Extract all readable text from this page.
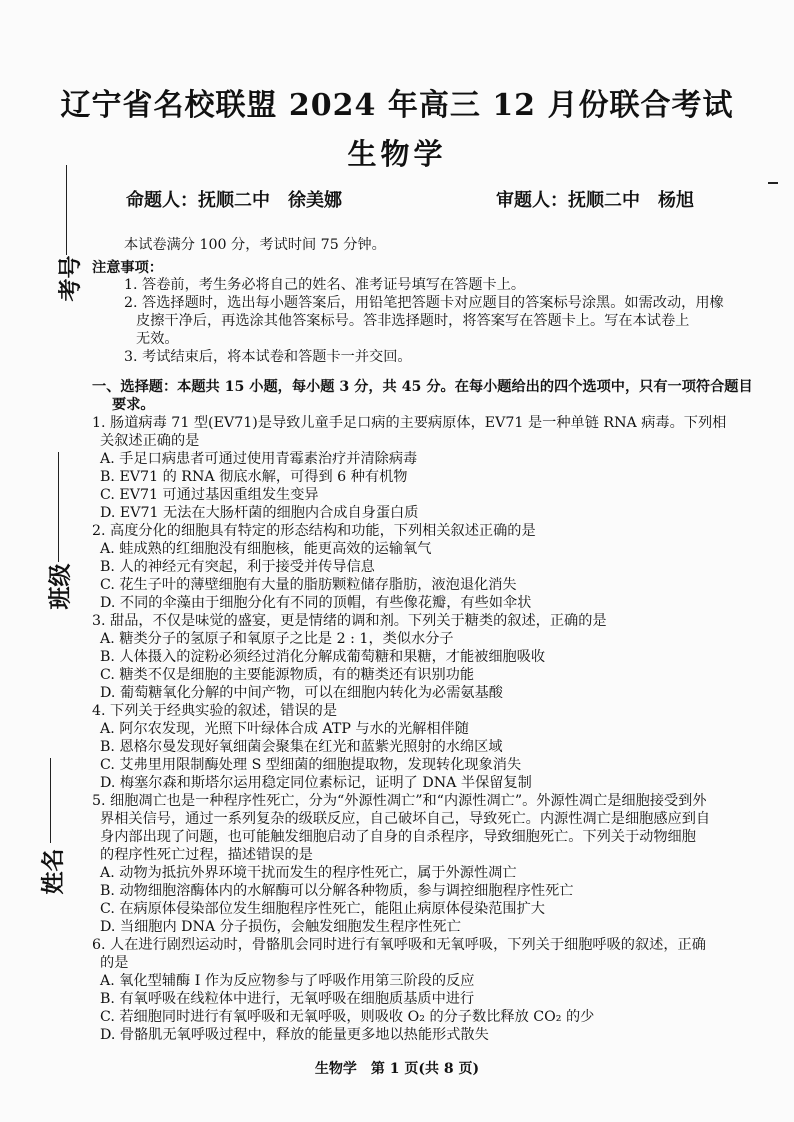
辽宁省名校联盟 2024 年高三 12 月份联合考试
生物学
命题人：抚顺二中　徐美娜	审题人：抚顺二中　杨旭
考号
班级
姓名
本试卷满分 100 分，考试时间 75 分钟。
注意事项：
1. 答卷前，考生务必将自己的姓名、准考证号填写在答题卡上。
2. 答选择题时，选出每小题答案后，用铅笔把答题卡对应题目的答案标号涂黑。如需改动，用橡
皮擦干净后，再选涂其他答案标号。答非选择题时，将答案写在答题卡上。写在本试卷上
无效。
3. 考试结束后，将本试卷和答题卡一并交回。
一、选择题：本题共 15 小题，每小题 3 分，共 45 分。在每小题给出的四个选项中，只有一项符合题目
要求。
1. 肠道病毒 71 型(EV71)是导致儿童手足口病的主要病原体，EV71 是一种单链 RNA 病毒。下列相
关叙述正确的是
A. 手足口病患者可通过使用青霉素治疗并清除病毒
B. EV71 的 RNA 彻底水解，可得到 6 种有机物
C. EV71 可通过基因重组发生变异
D. EV71 无法在大肠杆菌的细胞内合成自身蛋白质
2. 高度分化的细胞具有特定的形态结构和功能，下列相关叙述正确的是
A. 蛙成熟的红细胞没有细胞核，能更高效的运输氧气
B. 人的神经元有突起，利于接受并传导信息
C. 花生子叶的薄壁细胞有大量的脂肪颗粒储存脂肪，液泡退化消失
D. 不同的伞藻由于细胞分化有不同的顶帽，有些像花瓣，有些如伞状
3. 甜品，不仅是味觉的盛宴，更是情绪的调和剂。下列关于糖类的叙述，正确的是
A. 糖类分子的氢原子和氧原子之比是 2 : 1，类似水分子
B. 人体摄入的淀粉必须经过消化分解成葡萄糖和果糖，才能被细胞吸收
C. 糖类不仅是细胞的主要能源物质，有的糖类还有识别功能
D. 葡萄糖氧化分解的中间产物，可以在细胞内转化为必需氨基酸
4. 下列关于经典实验的叙述，错误的是
A. 阿尔农发现，光照下叶绿体合成 ATP 与水的光解相伴随
B. 恩格尔曼发现好氧细菌会聚集在红光和蓝紫光照射的水绵区域
C. 艾弗里用限制酶处理 S 型细菌的细胞提取物，发现转化现象消失
D. 梅塞尔森和斯塔尔运用稳定同位素标记，证明了 DNA 半保留复制
5. 细胞凋亡也是一种程序性死亡，分为“外源性凋亡”和“内源性凋亡”。外源性凋亡是细胞接受到外
界相关信号，通过一系列复杂的级联反应，自己破坏自己，导致死亡。内源性凋亡是细胞感应到自
身内部出现了问题，也可能触发细胞启动了自身的自杀程序，导致细胞死亡。下列关于动物细胞
的程序性死亡过程，描述错误的是
A. 动物为抵抗外界环境干扰而发生的程序性死亡，属于外源性凋亡
B. 动物细胞溶酶体内的水解酶可以分解各种物质，参与调控细胞程序性死亡
C. 在病原体侵染部位发生细胞程序性死亡，能阻止病原体侵染范围扩大
D. 当细胞内 DNA 分子损伤，会触发细胞发生程序性死亡
6. 人在进行剧烈运动时，骨骼肌会同时进行有氧呼吸和无氧呼吸，下列关于细胞呼吸的叙述，正确
的是
A. 氧化型辅酶 I 作为反应物参与了呼吸作用第三阶段的反应
B. 有氧呼吸在线粒体中进行，无氧呼吸在细胞质基质中进行
C. 若细胞同时进行有氧呼吸和无氧呼吸，则吸收 O₂ 的分子数比释放 CO₂ 的少
D. 骨骼肌无氧呼吸过程中，释放的能量更多地以热能形式散失
生物学　第 1 页(共 8 页)
